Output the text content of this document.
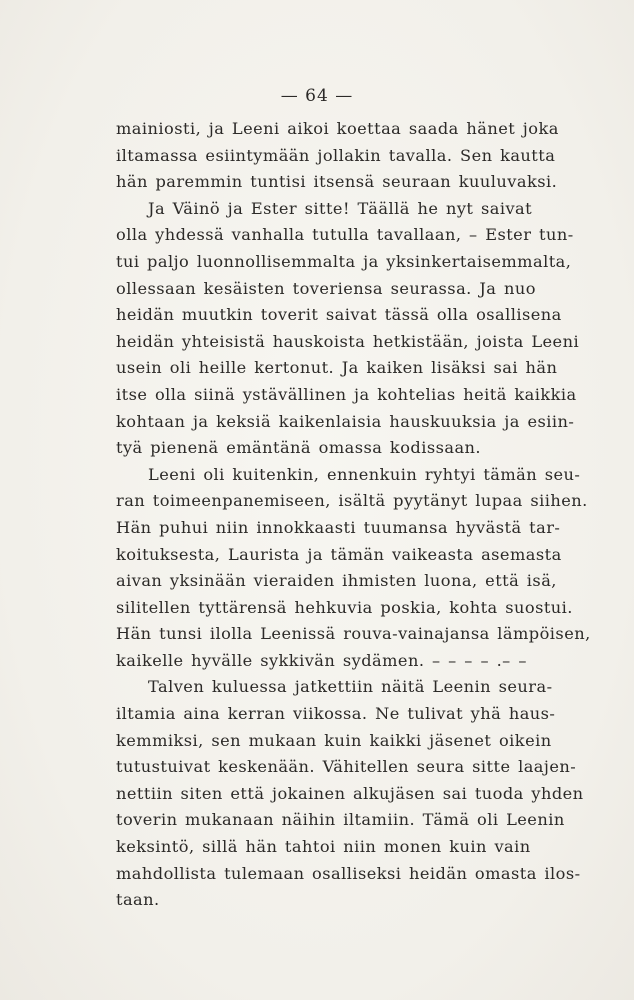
— 64 —
mainiosti, ja Leeni aikoi koettaa saada hänet joka
iltamassa esiintymään jollakin tavalla. Sen kautta
hän paremmin tuntisi itsensä seuraan kuuluvaksi.
Ja Väinö ja Ester sitte! Täällä he nyt saivat
olla yhdessä vanhalla tutulla tavallaan, – Ester tun-
tui paljo luonnollisemmalta ja yksinkertaisemmalta,
ollessaan kesäisten toveriensa seurassa. Ja nuo
heidän muutkin toverit saivat tässä olla osallisena
heidän yhteisistä hauskoista hetkistään, joista Leeni
usein oli heille kertonut. Ja kaiken lisäksi sai hän
itse olla siinä ystävällinen ja kohtelias heitä kaikkia
kohtaan ja keksiä kaikenlaisia hauskuuksia ja esiin-
tyä pienenä emäntänä omassa kodissaan.
Leeni oli kuitenkin, ennenkuin ryhtyi tämän seu-
ran toimeenpanemiseen, isältä pyytänyt lupaa siihen.
Hän puhui niin innokkaasti tuumansa hyvästä tar-
koituksesta, Laurista ja tämän vaikeasta asemasta
aivan yksinään vieraiden ihmisten luona, että isä,
silitellen tyttärensä hehkuvia poskia, kohta suostui.
Hän tunsi ilolla Leenissä rouva-vainajansa lämpöisen,
kaikelle hyvälle sykkivän sydämen. – – – – .– –
Talven kuluessa jatkettiin näitä Leenin seura-
iltamia aina kerran viikossa. Ne tulivat yhä haus-
kemmiksi, sen mukaan kuin kaikki jäsenet oikein
tutustuivat keskenään. Vähitellen seura sitte laajen-
nettiin siten että jokainen alkujäsen sai tuoda yhden
toverin mukanaan näihin iltamiin. Tämä oli Leenin
keksintö, sillä hän tahtoi niin monen kuin vain
mahdollista tulemaan osalliseksi heidän omasta ilos-
taan.
